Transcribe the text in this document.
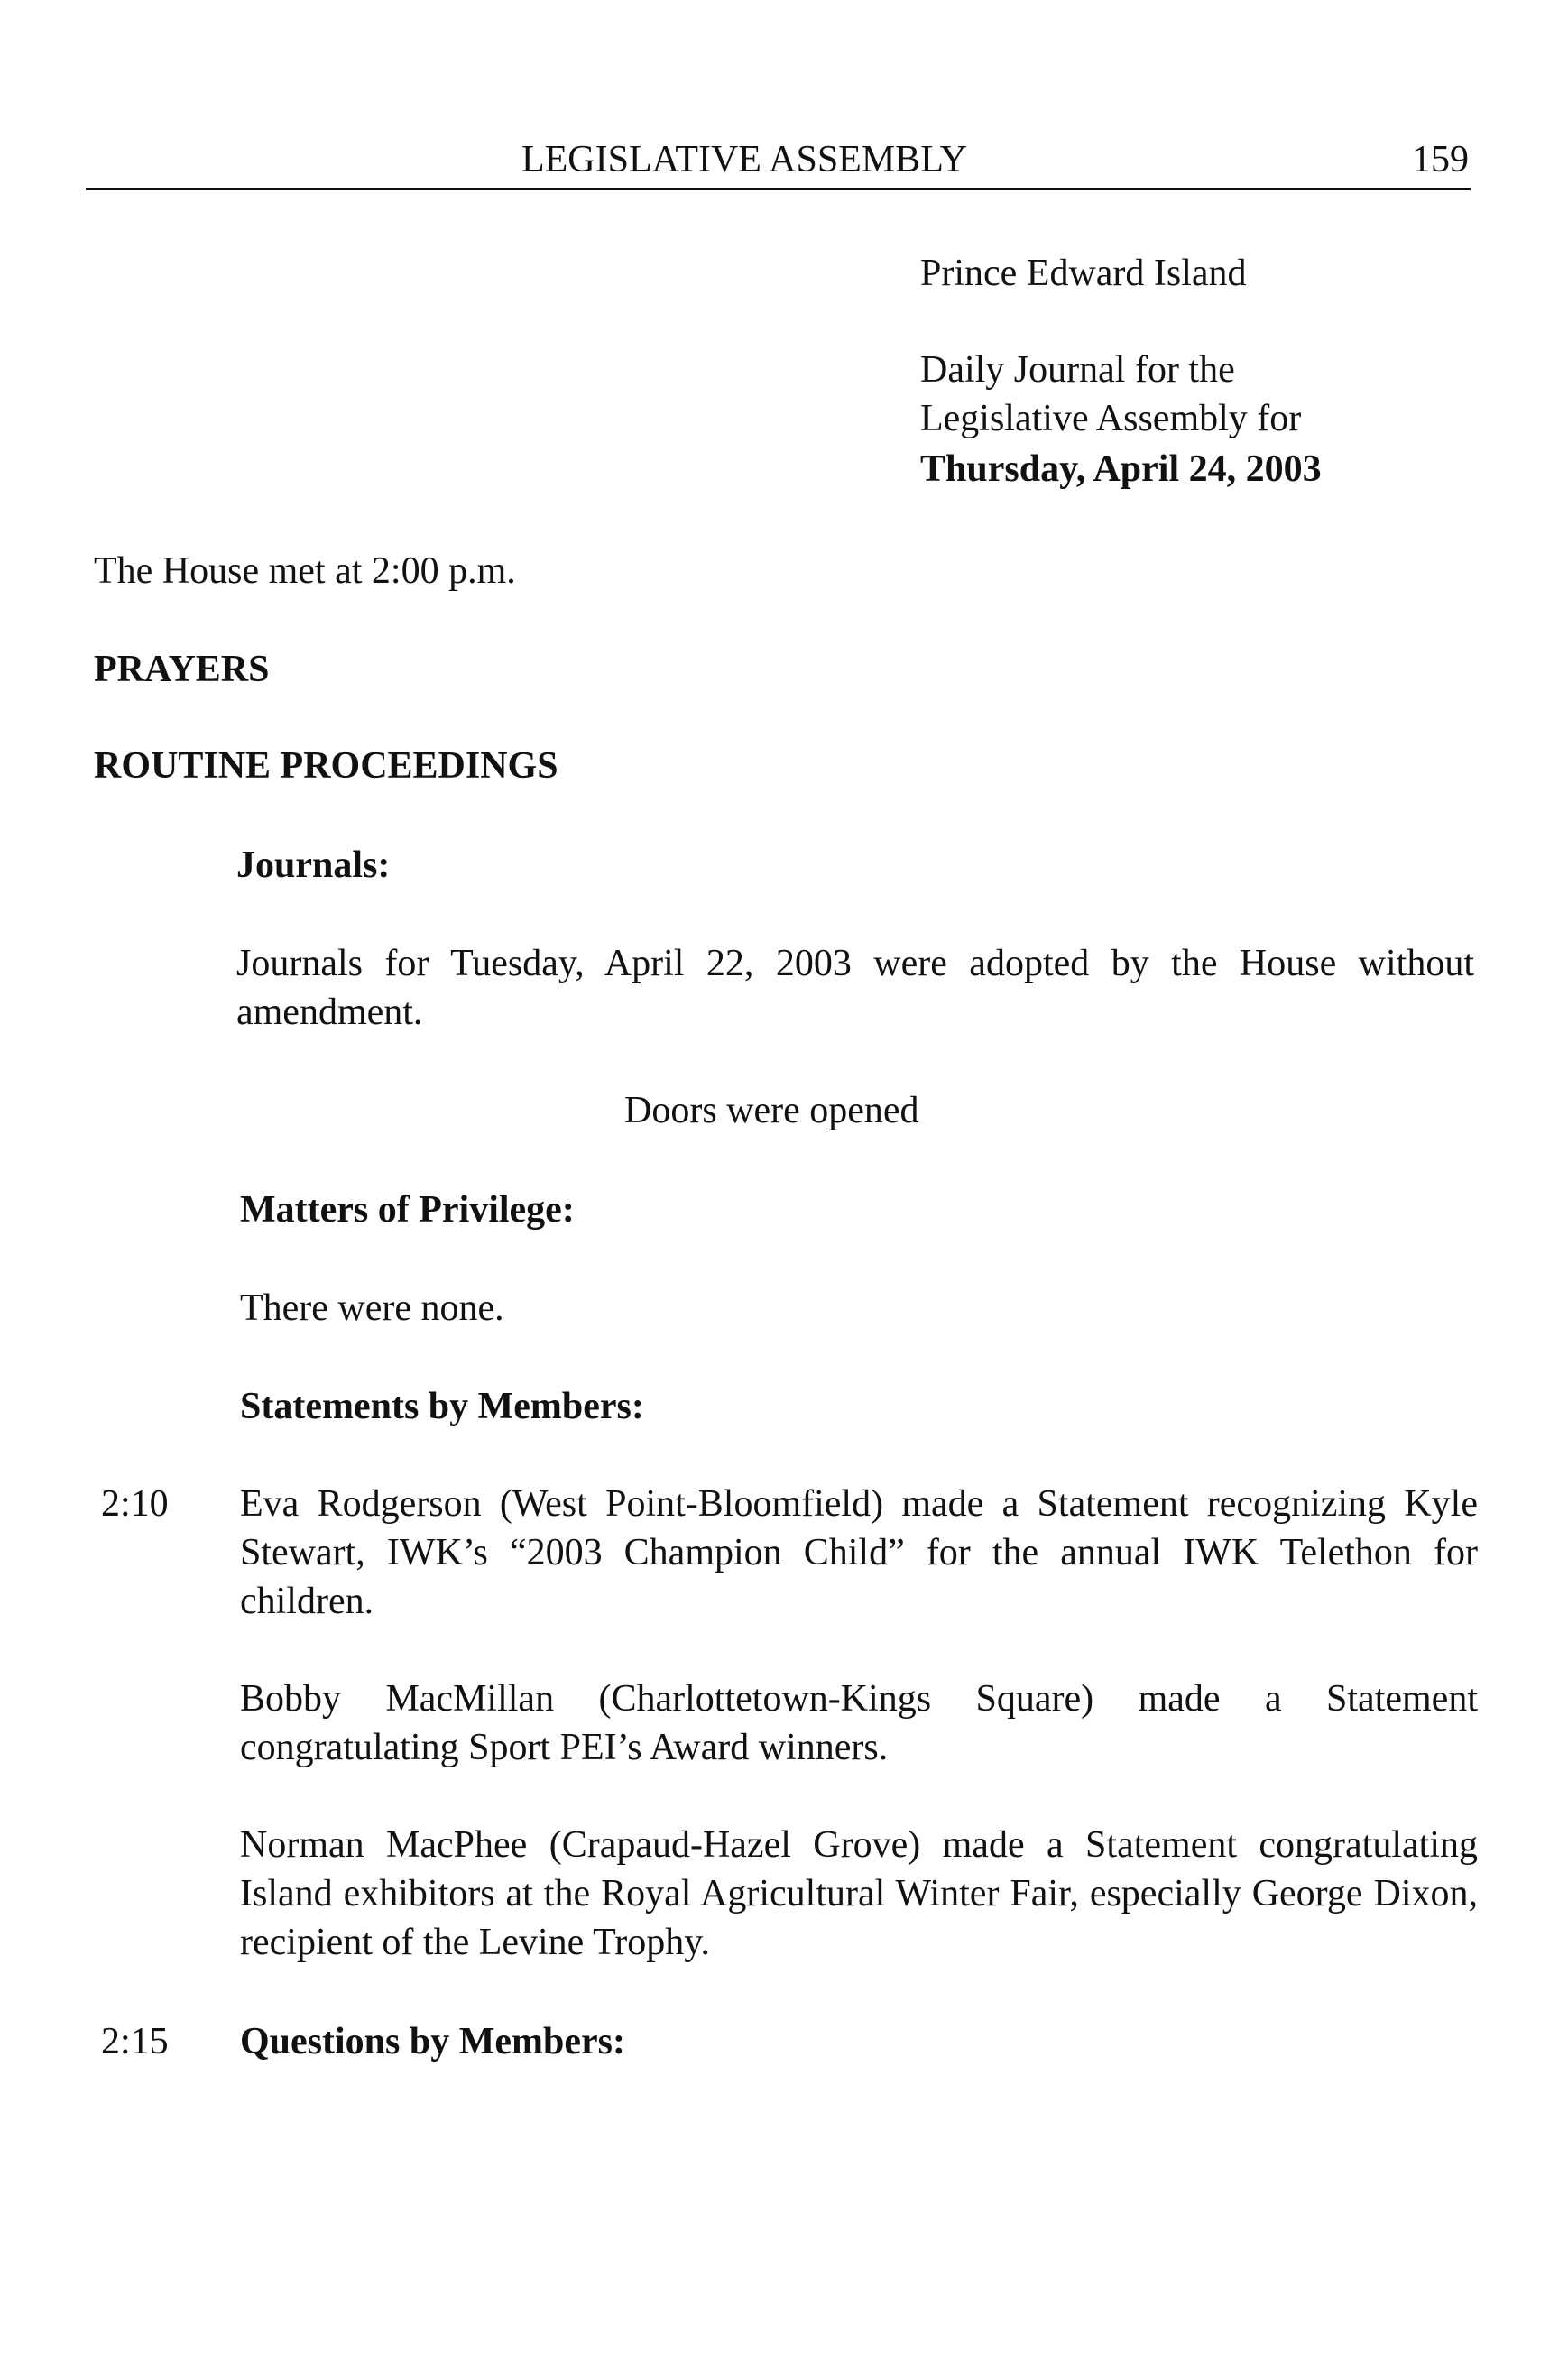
LEGISLATIVE ASSEMBLY	159
Prince Edward Island
Daily Journal for the
Legislative Assembly for
Thursday, April 24, 2003
The House met at 2:00 p.m.
PRAYERS
ROUTINE PROCEEDINGS
Journals:
Journals for Tuesday, April 22, 2003 were adopted by the House without amendment.
Doors were opened
Matters of Privilege:
There were none.
Statements by Members:
2:10 Eva Rodgerson (West Point-Bloomfield) made a Statement recognizing Kyle Stewart, IWK’s “2003 Champion Child” for the annual IWK Telethon for children.
Bobby MacMillan (Charlottetown-Kings Square) made a Statement congratulating Sport PEI’s Award winners.
Norman MacPhee (Crapaud-Hazel Grove) made a Statement congratulating Island exhibitors at the Royal Agricultural Winter Fair, especially George Dixon, recipient of the Levine Trophy.
2:15 Questions by Members:
